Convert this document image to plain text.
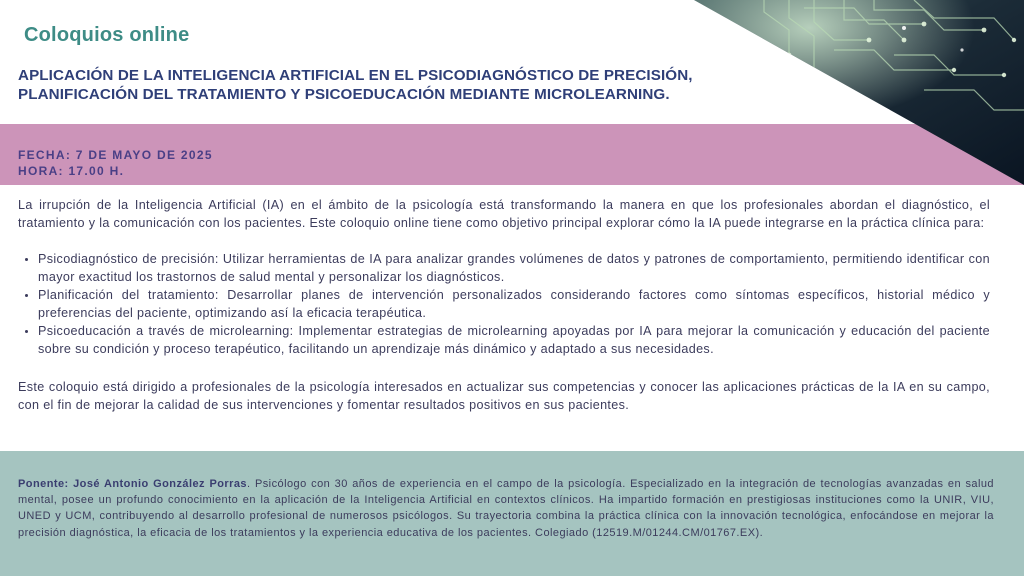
Coloquios online
APLICACIÓN DE LA INTELIGENCIA ARTIFICIAL EN EL PSICODIAGNÓSTICO DE PRECISIÓN,
PLANIFICACIÓN DEL TRATAMIENTO Y PSICOEDUCACIÓN MEDIANTE MICROLEARNING.
FECHA: 7 DE MAYO DE 2025
HORA: 17.00 H.

La irrupción de la Inteligencia Artificial (IA) en el ámbito de la psicología está transformando la manera en que los profesionales abordan el diagnóstico, el tratamiento y la comunicación con los pacientes. Este coloquio online tiene como objetivo principal explorar cómo la IA puede integrarse en la práctica clínica para:

• Psicodiagnóstico de precisión: Utilizar herramientas de IA para analizar grandes volúmenes de datos y patrones de comportamiento, permitiendo identificar con mayor exactitud los trastornos de salud mental y personalizar los diagnósticos.
• Planificación del tratamiento: Desarrollar planes de intervención personalizados considerando factores como síntomas específicos, historial médico y preferencias del paciente, optimizando así la eficacia terapéutica.
• Psicoeducación a través de microlearning: Implementar estrategias de microlearning apoyadas por IA para mejorar la comunicación y educación del paciente sobre su condición y proceso terapéutico, facilitando un aprendizaje más dinámico y adaptado a sus necesidades.

Este coloquio está dirigido a profesionales de la psicología interesados en actualizar sus competencias y conocer las aplicaciones prácticas de la IA en su campo, con el fin de mejorar la calidad de sus intervenciones y fomentar resultados positivos en sus pacientes.

Ponente: José Antonio González Porras. Psicólogo con 30 años de experiencia en el campo de la psicología. Especializado en la integración de tecnologías avanzadas en salud mental, posee un profundo conocimiento en la aplicación de la Inteligencia Artificial en contextos clínicos. Ha impartido formación en prestigiosas instituciones como la UNIR, VIU, UNED y UCM, contribuyendo al desarrollo profesional de numerosos psicólogos. Su trayectoria combina la práctica clínica con la innovación tecnológica, enfocándose en mejorar la precisión diagnóstica, la eficacia de los tratamientos y la experiencia educativa de los pacientes. Colegiado (12519.M/01244.CM/01767.EX).
